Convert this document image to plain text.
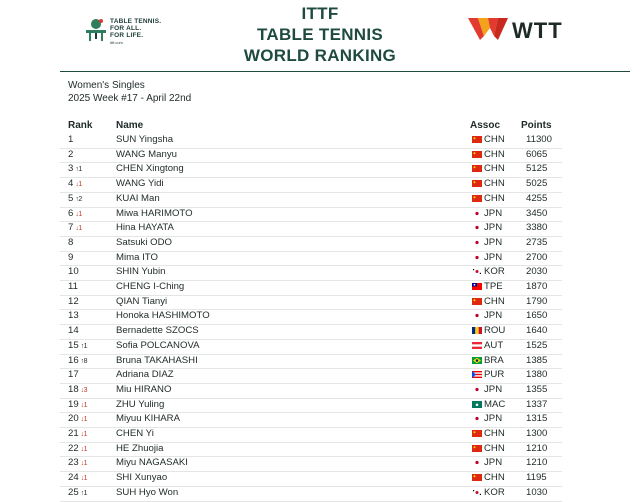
TABLE TENNIS.
FOR ALL.
FOR LIFE.
ittf.com
ITTF
TABLE TENNIS
WORLD RANKING
WTT
Women's Singles
2025 Week #17 - April 22nd
Rank Name	Assoc Points
1	SUN Yingsha	CHN 11300
2	WANG Manyu	CHN 6065
3 ↑1	CHEN Xingtong	CHN 5125
4 ↓1	WANG Yidi	CHN 5025
5 ↑2	KUAI Man	CHN 4255
6 ↓1	Miwa HARIMOTO	JPN 3450
7 ↓1	Hina HAYATA	JPN 3380
8	Satsuki ODO	JPN 2735
9	Mima ITO	JPN 2700
10	SHIN Yubin	KOR 2030
11	CHENG I-Ching	TPE 1870
12	QIAN Tianyi	CHN 1790
13	Honoka HASHIMOTO	JPN 1650
14	Bernadette SZOCS	ROU 1640
15 ↑1	Sofia POLCANOVA	AUT 1525
16 ↑8	Bruna TAKAHASHI	BRA 1385
17	Adriana DIAZ	PUR 1380
18 ↓3	Miu HIRANO	JPN 1355
19 ↓1	ZHU Yuling	MAC 1337
20 ↓1	Miyuu KIHARA	JPN 1315
21 ↓1	CHEN Yi	CHN 1300
22 ↓1	HE Zhuojia	CHN 1210
23 ↓1	Miyu NAGASAKI	JPN 1210
24 ↓1	SHI Xunyao	CHN 1195
25 ↑1	SUH Hyo Won	KOR 1030
